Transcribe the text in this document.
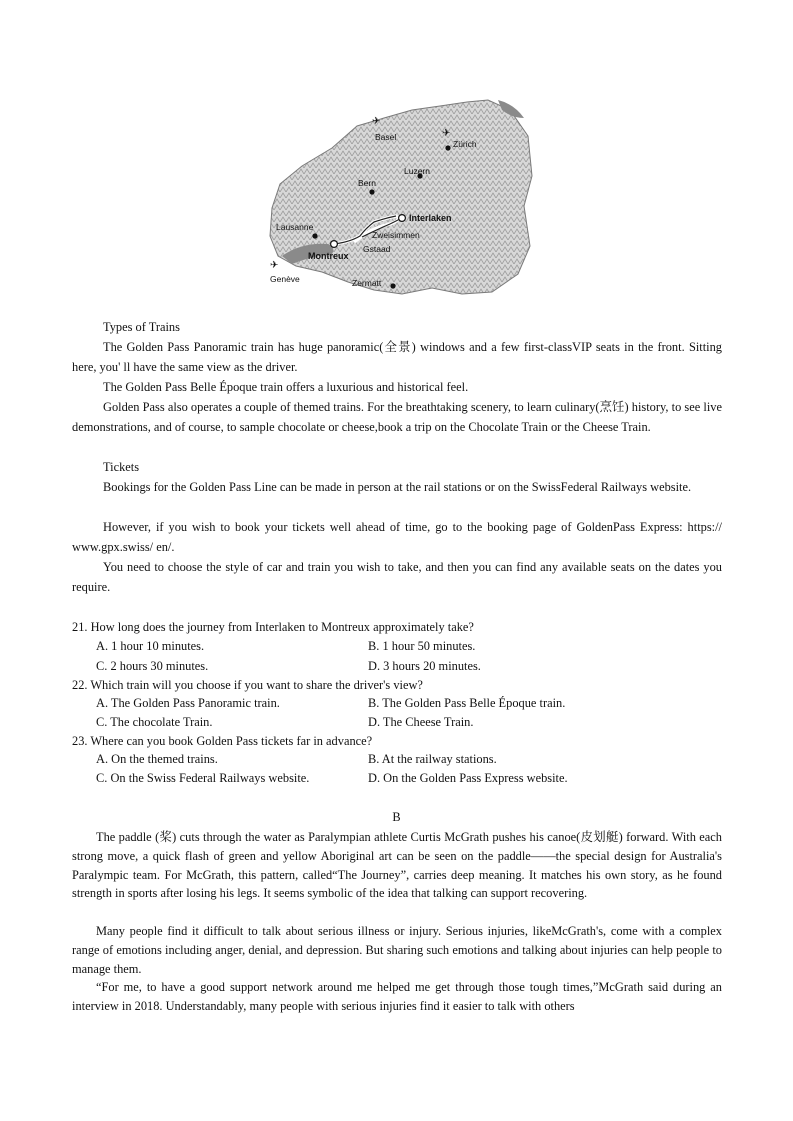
✈
✈
✈
Basel
Zürich
Luzern
Bern
Lausanne
Interlaken
Zweisimmen
Gstaad
Montreux
Genève	Zermatt
Types of Trains
The Golden Pass Panoramic train has huge panoramic(全景) windows and a few first-classVIP seats in the front. Sitting here, you' ll have the same view as the driver.
The Golden Pass Belle Époque train offers a luxurious and historical feel.
Golden Pass also operates a couple of themed trains. For the breathtaking scenery, to learn culinary(烹饪) history, to see live demonstrations, and of course, to sample chocolate or cheese,book a trip on the Chocolate Train or the Cheese Train.
Tickets
Bookings for the Golden Pass Line can be made in person at the rail stations or on the SwissFederal Railways website.
However, if you wish to book your tickets well ahead of time, go to the booking page of GoldenPass Express: https:// www.gpx.swiss/ en/.
You need to choose the style of car and train you wish to take, and then you can find any available seats on the dates you require.
21. How long does the journey from Interlaken to Montreux approximately take?
A. 1 hour 10 minutes.	B. 1 hour 50 minutes.
C. 2 hours 30 minutes.	D. 3 hours 20 minutes.
22. Which train will you choose if you want to share the driver's view?
A. The Golden Pass Panoramic train.	B. The Golden Pass Belle Époque train.
C. The chocolate Train.	D. The Cheese Train.
23. Where can you book Golden Pass tickets far in advance?
A. On the themed trains.	B. At the railway stations.
C. On the Swiss Federal Railways website.	D. On the Golden Pass Express website.
B
The paddle (桨) cuts through the water as Paralympian athlete Curtis McGrath pushes his canoe(皮划艇) forward. With each strong move, a quick flash of green and yellow Aboriginal art can be seen on the paddle——the special design for Australia's Paralympic team. For McGrath, this pattern, called“The Journey”, carries deep meaning. It matches his own story, as he found strength in sports after losing his legs. It seems symbolic of the idea that talking can support recovering.
Many people find it difficult to talk about serious illness or injury. Serious injuries, likeMcGrath's, come with a complex range of emotions including anger, denial, and depression. But sharing such emotions and talking about injuries can help people to manage them.
“For me, to have a good support network around me helped me get through those tough times,”McGrath said during an interview in 2018. Understandably, many people with serious injuries find it easier to talk with others
